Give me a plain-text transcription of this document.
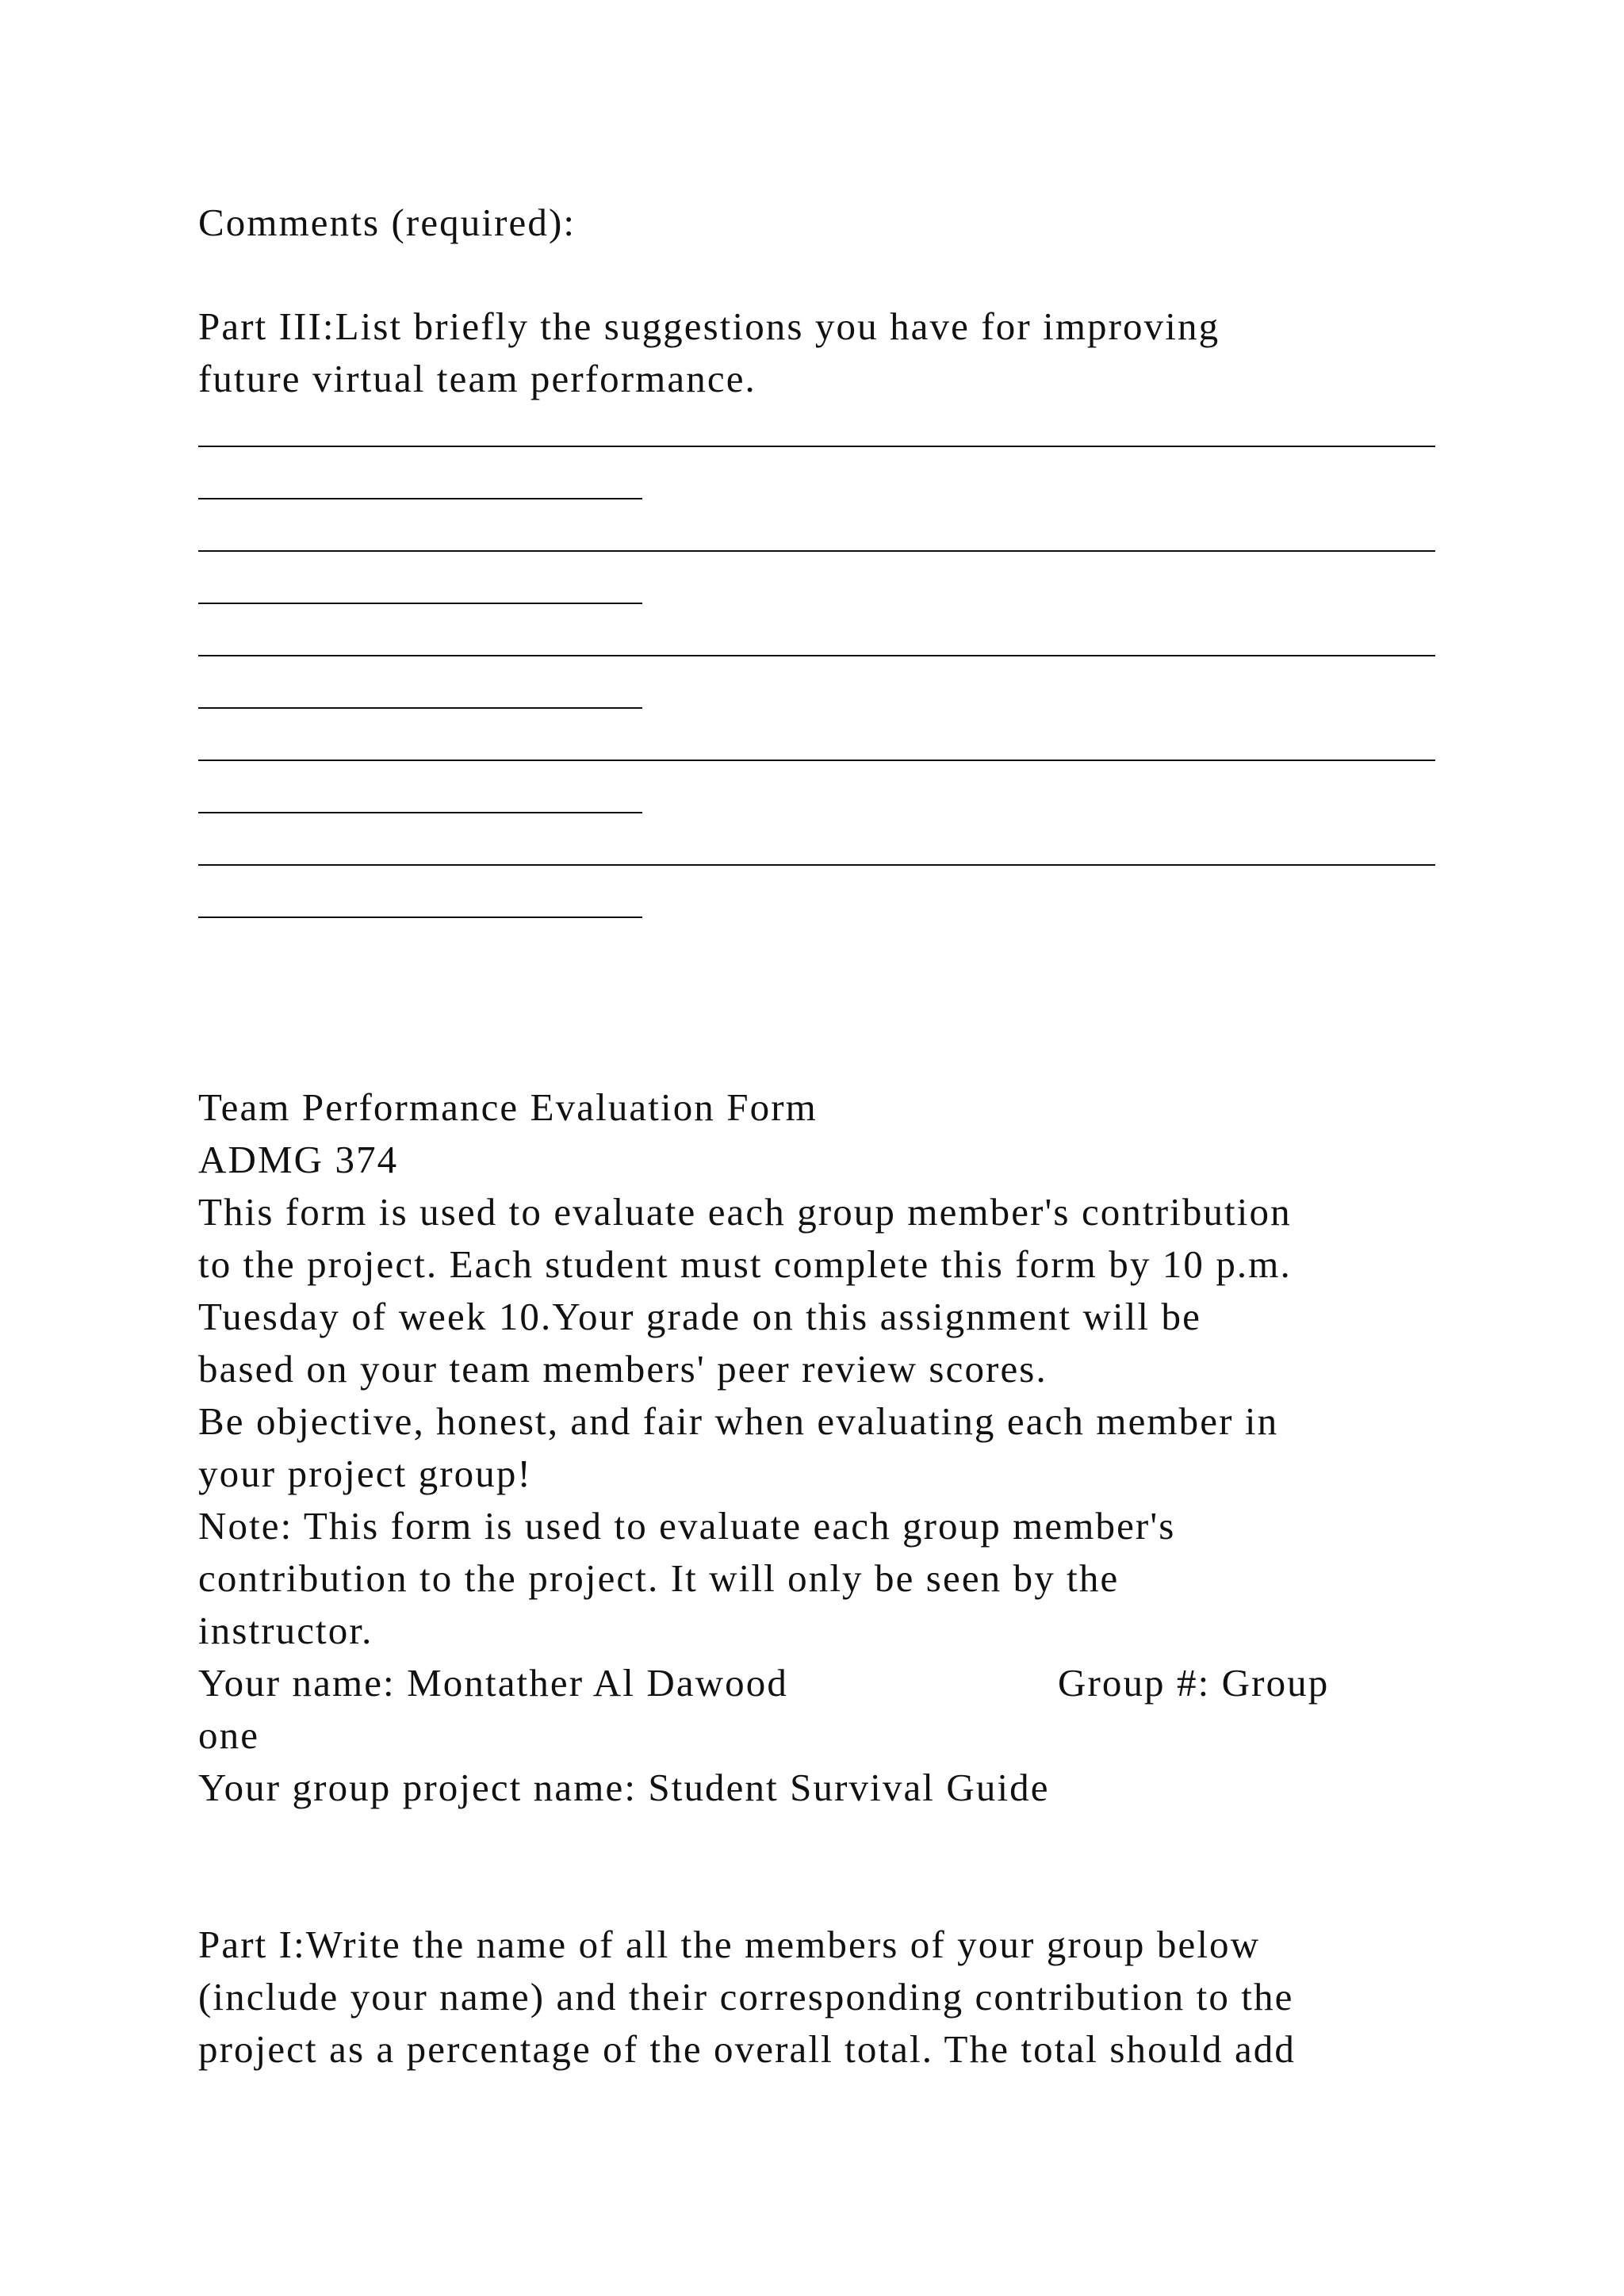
Comments (required):

Part III:List briefly the suggestions you have for improving

future virtual team performance.

Team Performance Evaluation Form

ADMG 374

This form is used to evaluate each group member's contribution

to the project. Each student must complete this form by 10 p.m.

Tuesday of week 10.Your grade on this assignment will be

based on your team members' peer review scores.

Be objective, honest, and fair when evaluating each member in

your project group!

Note: This form is used to evaluate each group member's

contribution to the project. It will only be seen by the

instructor.

Your name: Montather Al Dawood	Group #: Group

one

Your group project name: Student Survival Guide

Part I:Write the name of all the members of your group below

(include your name) and their corresponding contribution to the

project as a percentage of the overall total. The total should add
